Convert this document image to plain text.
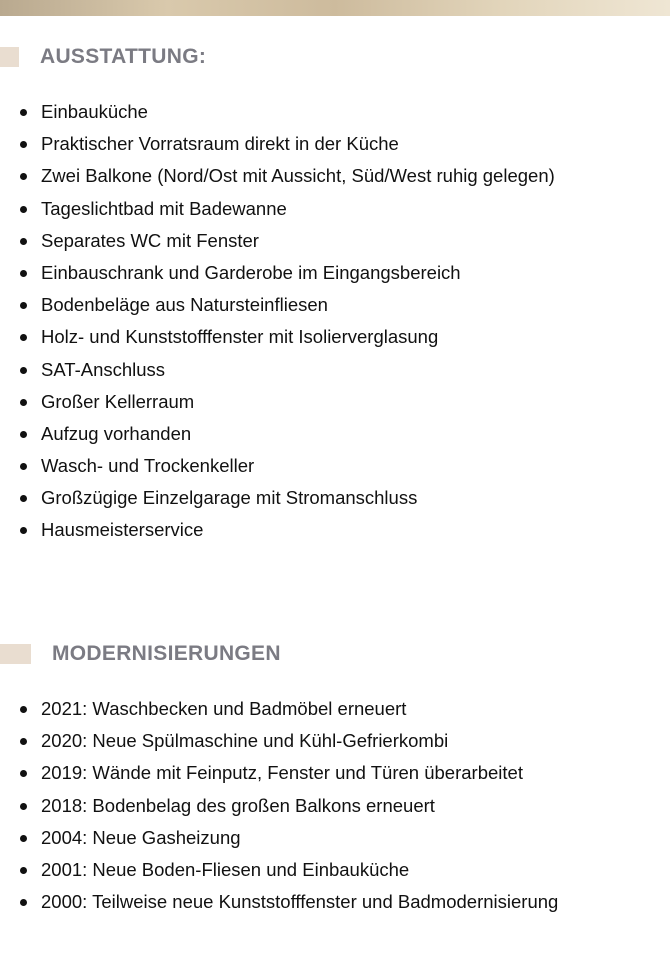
AUSSTATTUNG:
Einbauküche
Praktischer Vorratsraum direkt in der Küche
Zwei Balkone (Nord/Ost mit Aussicht, Süd/West ruhig gelegen)
Tageslichtbad mit Badewanne
Separates WC mit Fenster
Einbauschrank und Garderobe im Eingangsbereich
Bodenbeläge aus Natursteinfliesen
Holz- und Kunststofffenster mit Isolierverglasung
SAT-Anschluss
Großer Kellerraum
Aufzug vorhanden
Wasch- und Trockenkeller
Großzügige Einzelgarage mit Stromanschluss
Hausmeisterservice
MODERNISIERUNGEN
2021: Waschbecken und Badmöbel erneuert
2020: Neue Spülmaschine und Kühl-Gefrierkombi
2019: Wände mit Feinputz, Fenster und Türen überarbeitet
2018: Bodenbelag des großen Balkons erneuert
2004: Neue Gasheizung
2001: Neue Boden-Fliesen und Einbauküche
2000: Teilweise neue Kunststofffenster und Badmodernisierung
